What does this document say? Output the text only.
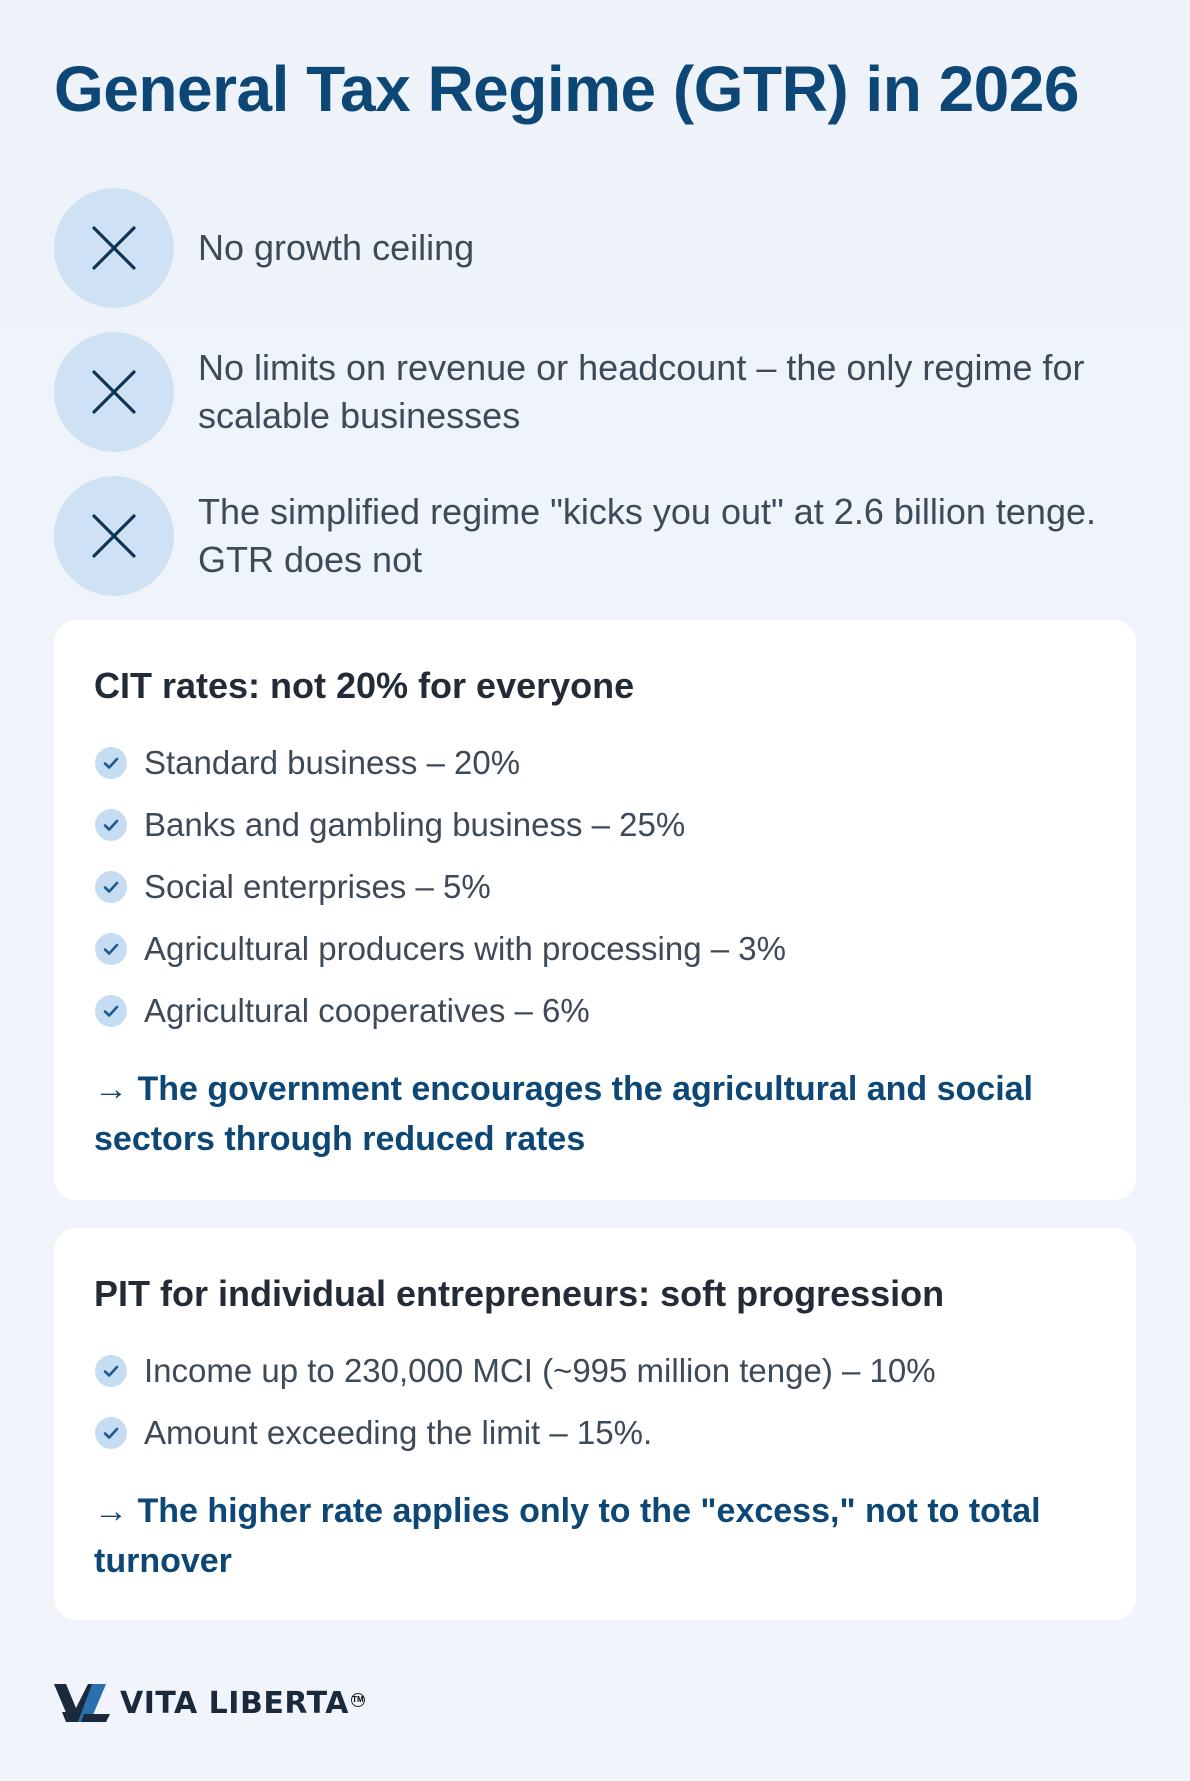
General Tax Regime (GTR) in 2026
No growth ceiling
No limits on revenue or headcount – the only regime for scalable businesses
The simplified regime "kicks you out" at 2.6 billion tenge. GTR does not
CIT rates: not 20% for everyone
Standard business – 20%
Banks and gambling business – 25%
Social enterprises – 5%
Agricultural producers with processing – 3%
Agricultural cooperatives – 6%
→ The government encourages the agricultural and social sectors through reduced rates
PIT for individual entrepreneurs: soft progression
Income up to 230,000 MCI (~995 million tenge) – 10%
Amount exceeding the limit – 15%.
→ The higher rate applies only to the "excess," not to total turnover
VITA LIBERTA TM
